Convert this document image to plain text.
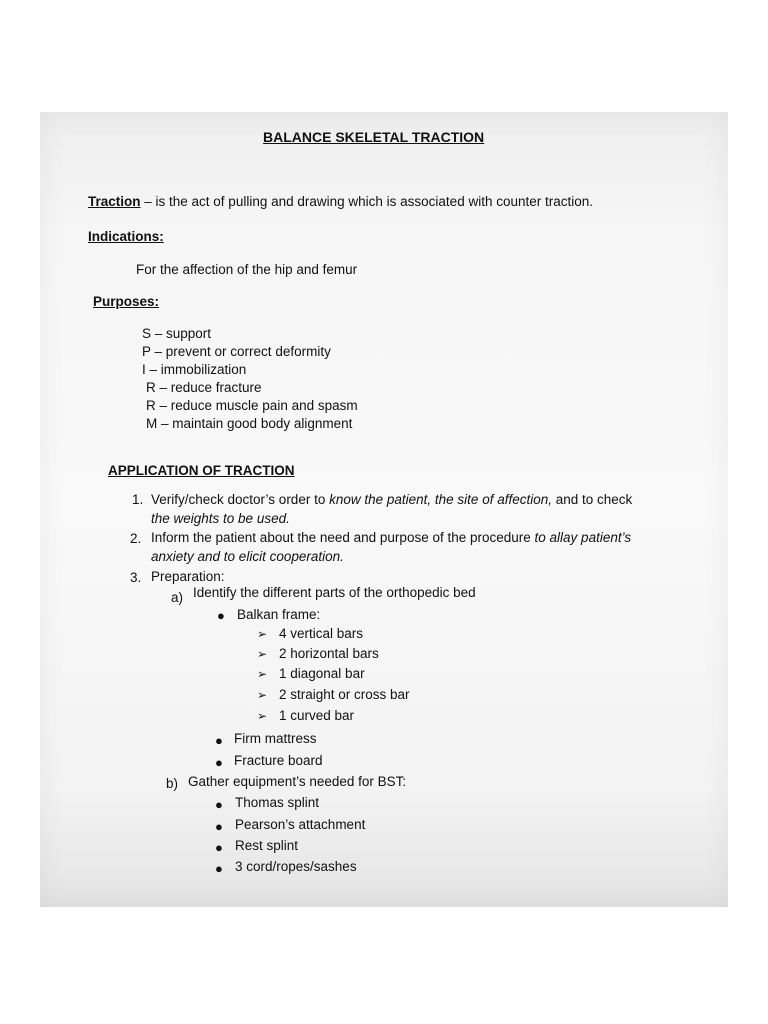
BALANCE SKELETAL TRACTION
Traction – is the act of pulling and drawing which is associated with counter traction.
Indications:
For the affection of the hip and femur
Purposes:
S – support
P – prevent or correct deformity
I – immobilization
R – reduce fracture
R – reduce muscle pain and spasm
M – maintain good body alignment
APPLICATION OF TRACTION
1. Verify/check doctor’s order to know the patient, the site of affection, and to check
the weights to be used.
2. Inform the patient about the need and purpose of the procedure to allay patient’s
anxiety and to elicit cooperation.
3. Preparation:
a) Identify the different parts of the orthopedic bed
● Balkan frame:
➢ 4 vertical bars
➢ 2 horizontal bars
➢ 1 diagonal bar
➢ 2 straight or cross bar
➢ 1 curved bar
● Firm mattress
● Fracture board
b) Gather equipment’s needed for BST:
● Thomas splint
● Pearson’s attachment
● Rest splint
● 3 cord/ropes/sashes
